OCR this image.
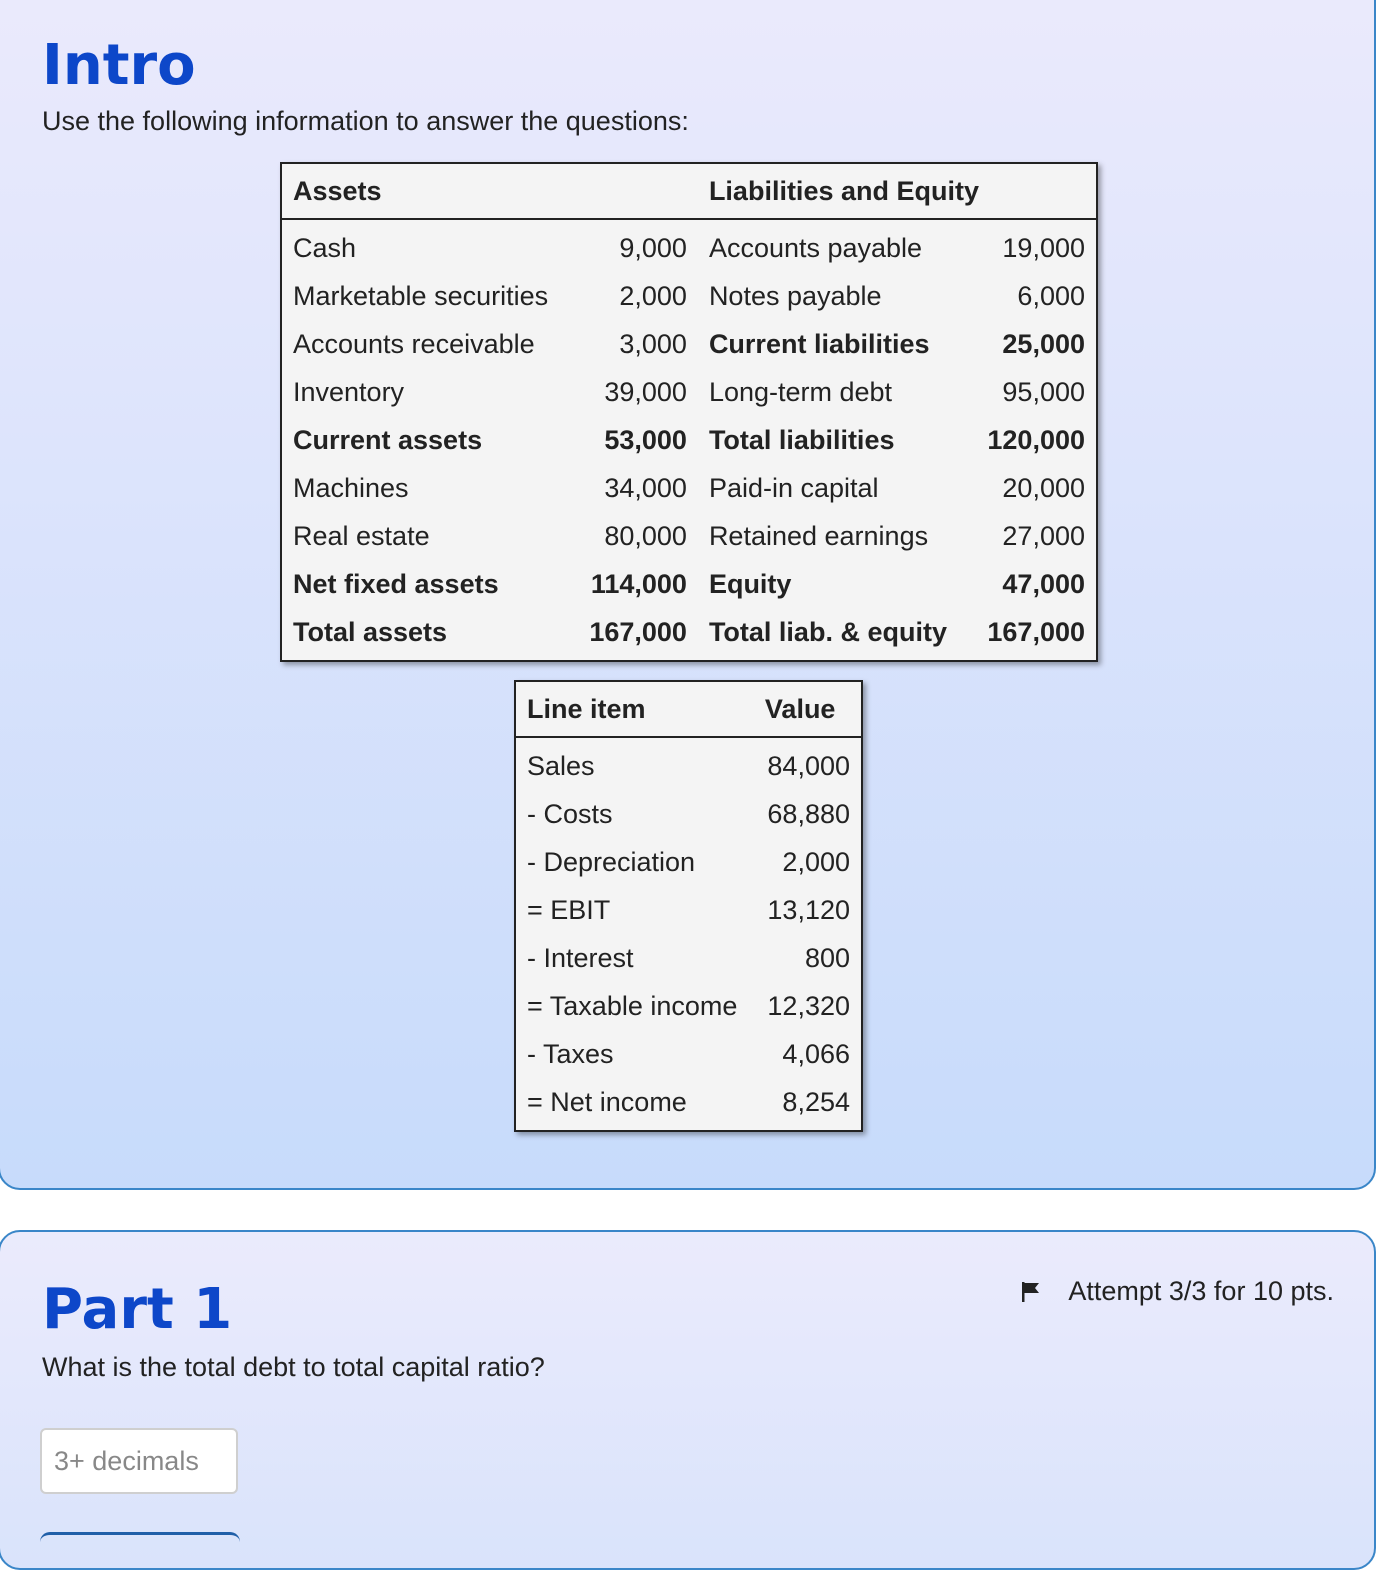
Intro

Use the following information to answer the questions:

Assets		Liabilities and Equity	
Cash	9,000	Accounts payable	19,000
Marketable securities	2,000	Notes payable	6,000
Accounts receivable	3,000	Current liabilities	25,000
Inventory	39,000	Long-term debt	95,000
Current assets	53,000	Total liabilities	120,000
Machines	34,000	Paid-in capital	20,000
Real estate	80,000	Retained earnings	27,000
Net fixed assets	114,000	Equity	47,000
Total assets	167,000	Total liab. & equity	167,000
Line item	Value
Sales	84,000
- Costs	68,880
- Depreciation	2,000
= EBIT	13,120
- Interest	800
= Taxable income	12,320
- Taxes	4,066
= Net income	8,254
Part 1	Attempt 3/3 for 10 pts.

What is the total debt to total capital ratio?

3+ decimals
